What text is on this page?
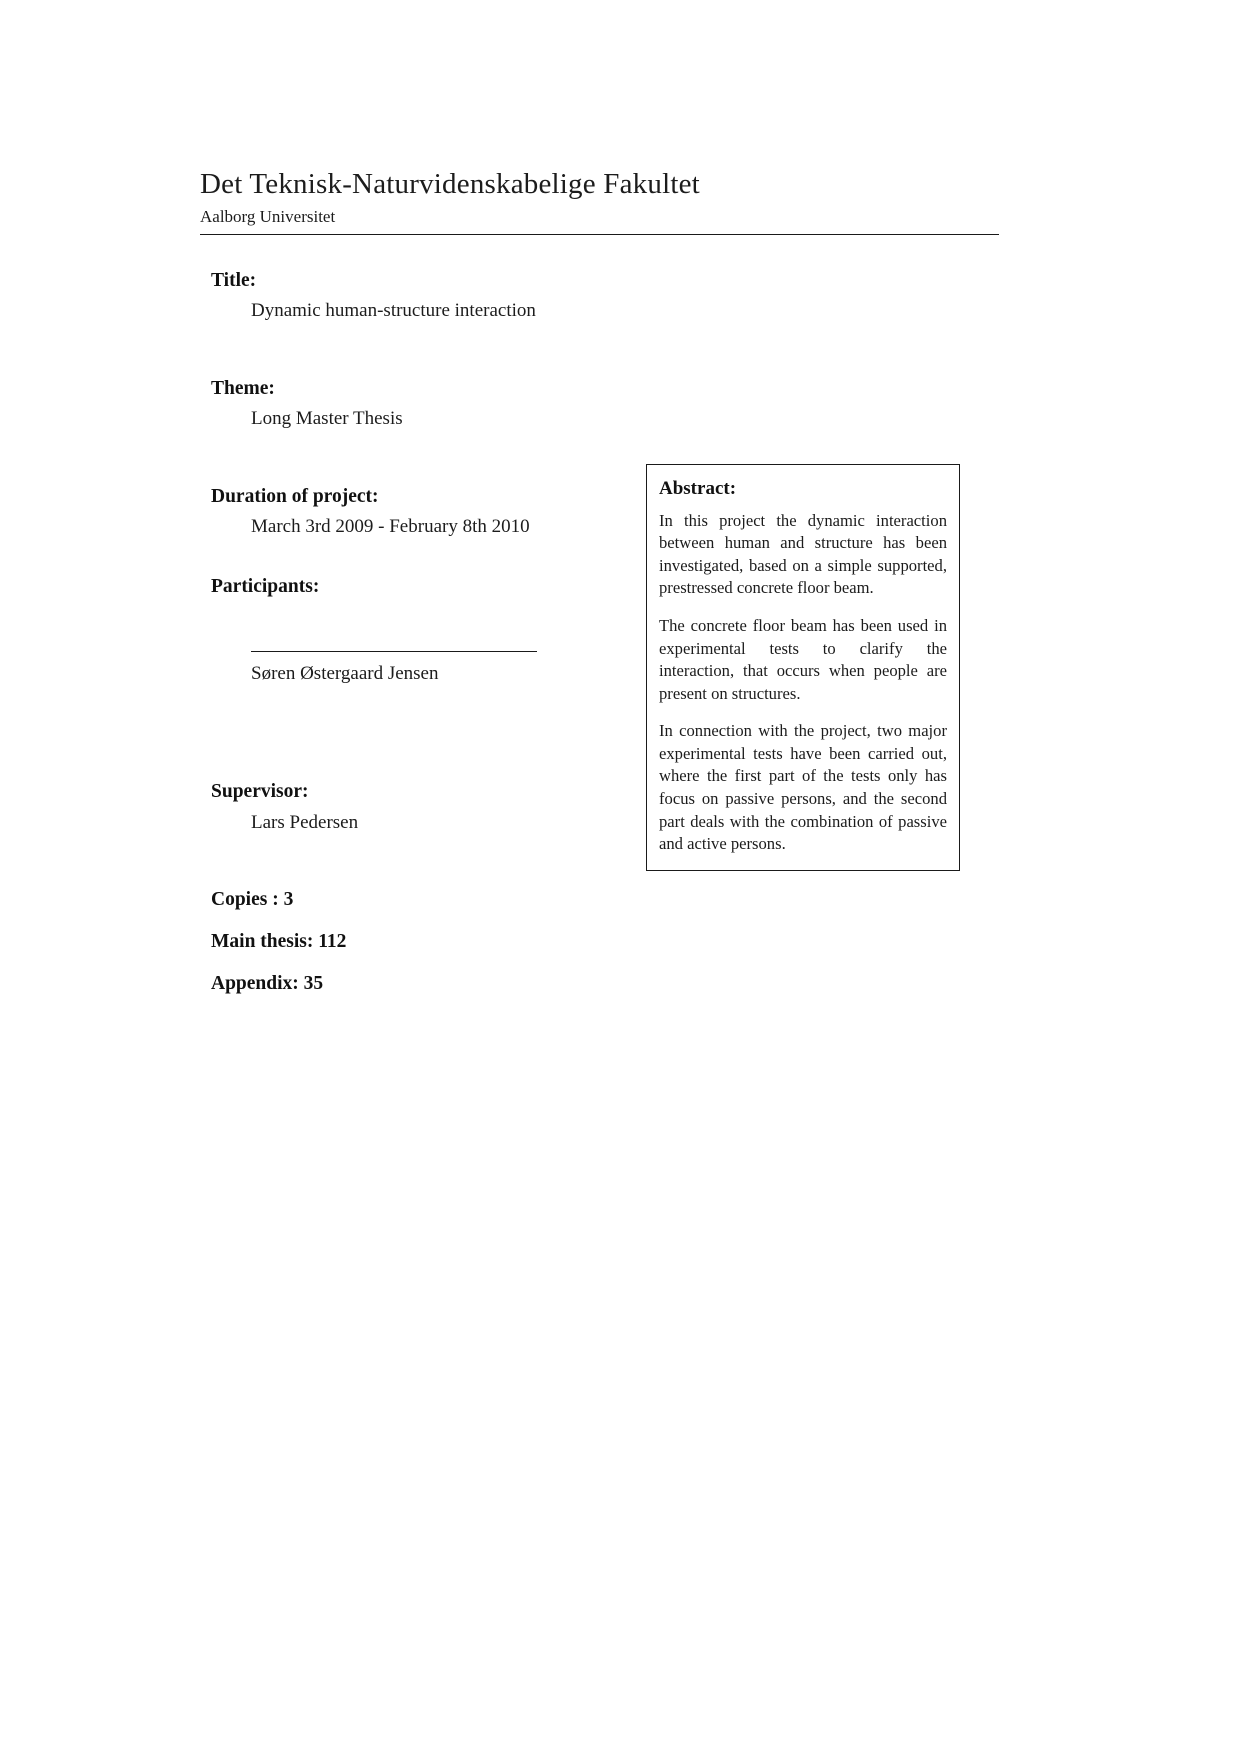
Det Teknisk-Naturvidenskabelige Fakultet
Aalborg Universitet
Title:
Dynamic human-structure interaction
Theme:
Long Master Thesis
Duration of project:
March 3rd 2009 - February 8th 2010
Participants:
Søren Østergaard Jensen
Supervisor:
Lars Pedersen
Copies : 3
Main thesis: 112
Appendix: 35
Abstract:

In this project the dynamic interaction between human and structure has been investigated, based on a simple supported, prestressed concrete floor beam.

The concrete floor beam has been used in experimental tests to clarify the interaction, that occurs when people are present on structures.

In connection with the project, two major experimental tests have been carried out, where the first part of the tests only has focus on passive persons, and the second part deals with the combination of passive and active persons.
